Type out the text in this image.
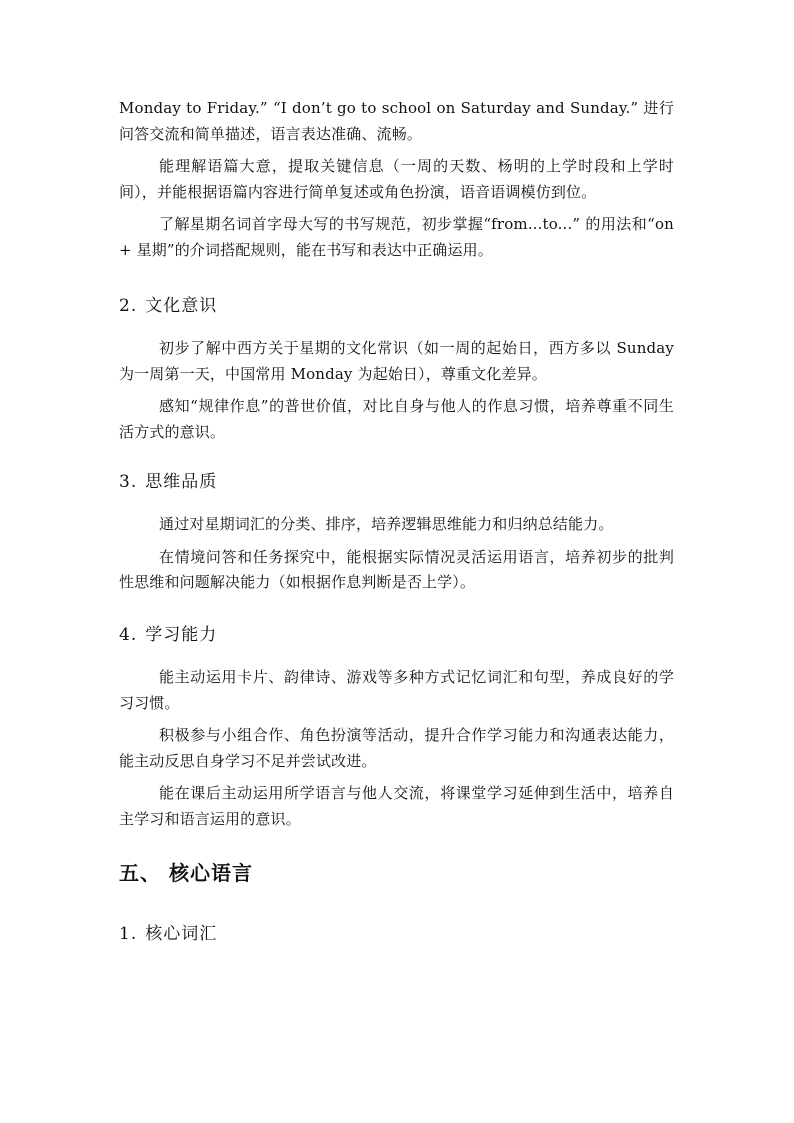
Monday to Friday.” “I don’t go to school on Saturday and Sunday.” 进行问答交流和简单描述，语言表达准确、流畅。

能理解语篇大意，提取关键信息（一周的天数、杨明的上学时段和上学时间），并能根据语篇内容进行简单复述或角色扮演，语音语调模仿到位。

了解星期名词首字母大写的书写规范，初步掌握“from...to...” 的用法和“on + 星期”的介词搭配规则，能在书写和表达中正确运用。

2. 文化意识

初步了解中西方关于星期的文化常识（如一周的起始日，西方多以 Sunday 为一周第一天，中国常用 Monday 为起始日），尊重文化差异。

感知“规律作息”的普世价值，对比自身与他人的作息习惯，培养尊重不同生活方式的意识。

3. 思维品质

通过对星期词汇的分类、排序，培养逻辑思维能力和归纳总结能力。

在情境问答和任务探究中，能根据实际情况灵活运用语言，培养初步的批判性思维和问题解决能力（如根据作息判断是否上学）。

4. 学习能力

能主动运用卡片、韵律诗、游戏等多种方式记忆词汇和句型，养成良好的学习习惯。

积极参与小组合作、角色扮演等活动，提升合作学习能力和沟通表达能力，能主动反思自身学习不足并尝试改进。

能在课后主动运用所学语言与他人交流，将课堂学习延伸到生活中，培养自主学习和语言运用的意识。

五、 核心语言
1. 核心词汇
